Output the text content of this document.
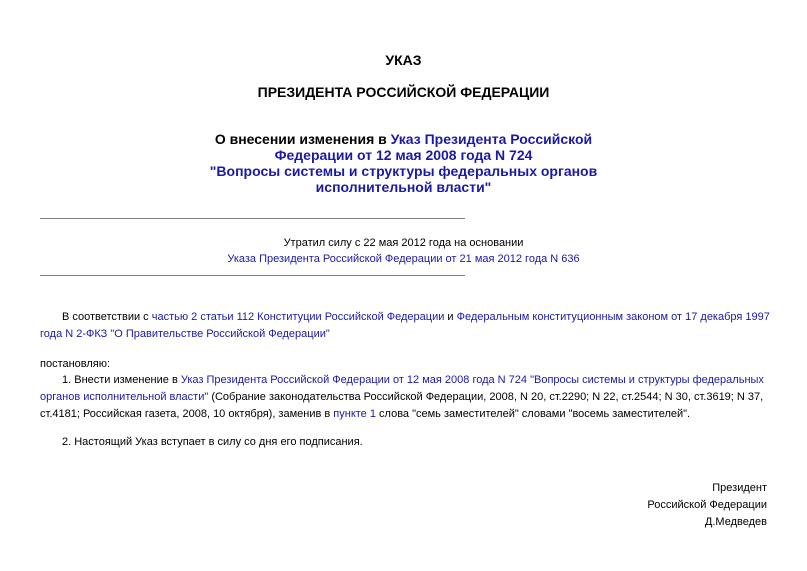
УКАЗ
ПРЕЗИДЕНТА РОССИЙСКОЙ ФЕДЕРАЦИИ
О внесении изменения в Указ Президента Российской
Федерации от 12 мая 2008 года N 724
"Вопросы системы и структуры федеральных органов
исполнительной власти"
Утратил силу с 22 мая 2012 года на основании
Указа Президента Российской Федерации от 21 мая 2012 года N 636
В соответствии с частью 2 статьи 112 Конституции Российской Федерации и Федеральным конституционным законом от 17 декабря 1997
года N 2-ФКЗ "О Правительстве Российской Федерации"
постановляю:
1. Внести изменение в Указ Президента Российской Федерации от 12 мая 2008 года N 724 "Вопросы системы и структуры федеральных
органов исполнительной власти" (Собрание законодательства Российской Федерации, 2008, N 20, ст.2290; N 22, ст.2544; N 30, ст.3619; N 37,
ст.4181; Российская газета, 2008, 10 октября), заменив в пункте 1 слова "семь заместителей" словами "восемь заместителей".
2. Настоящий Указ вступает в силу со дня его подписания.
Президент
Российской Федерации
Д.Медведев
